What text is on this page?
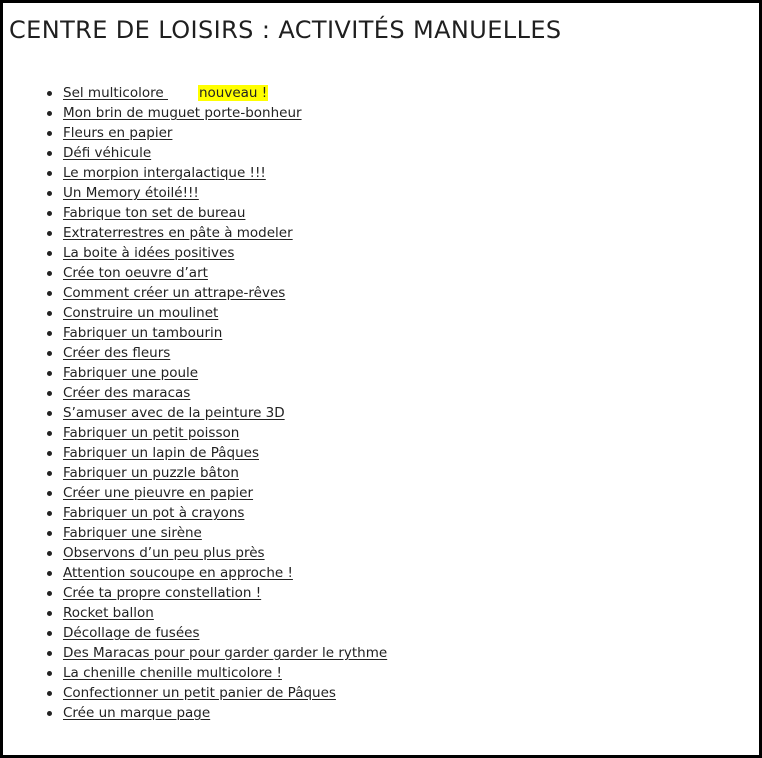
CENTRE DE LOISIRS : ACTIVITÉS MANUELLES
Sel multicolore nouveau !
Mon brin de muguet porte-bonheur
Fleurs en papier
Défi véhicule
Le morpion intergalactique !!!
Un Memory étoilé!!!
Fabrique ton set de bureau
Extraterrestres en pâte à modeler
La boite à idées positives
Crée ton oeuvre d’art
Comment créer un attrape-rêves
Construire un moulinet
Fabriquer un tambourin
Créer des fleurs
Fabriquer une poule
Créer des maracas
S’amuser avec de la peinture 3D
Fabriquer un petit poisson
Fabriquer un lapin de Pâques
Fabriquer un puzzle bâton
Créer une pieuvre en papier
Fabriquer un pot à crayons
Fabriquer une sirène
Observons d’un peu plus près
Attention soucoupe en approche !
Crée ta propre constellation !
Rocket ballon
Décollage de fusées
Des Maracas pour pour garder garder le rythme
La chenille chenille multicolore !
Confectionner un petit panier de Pâques
Crée un marque page
